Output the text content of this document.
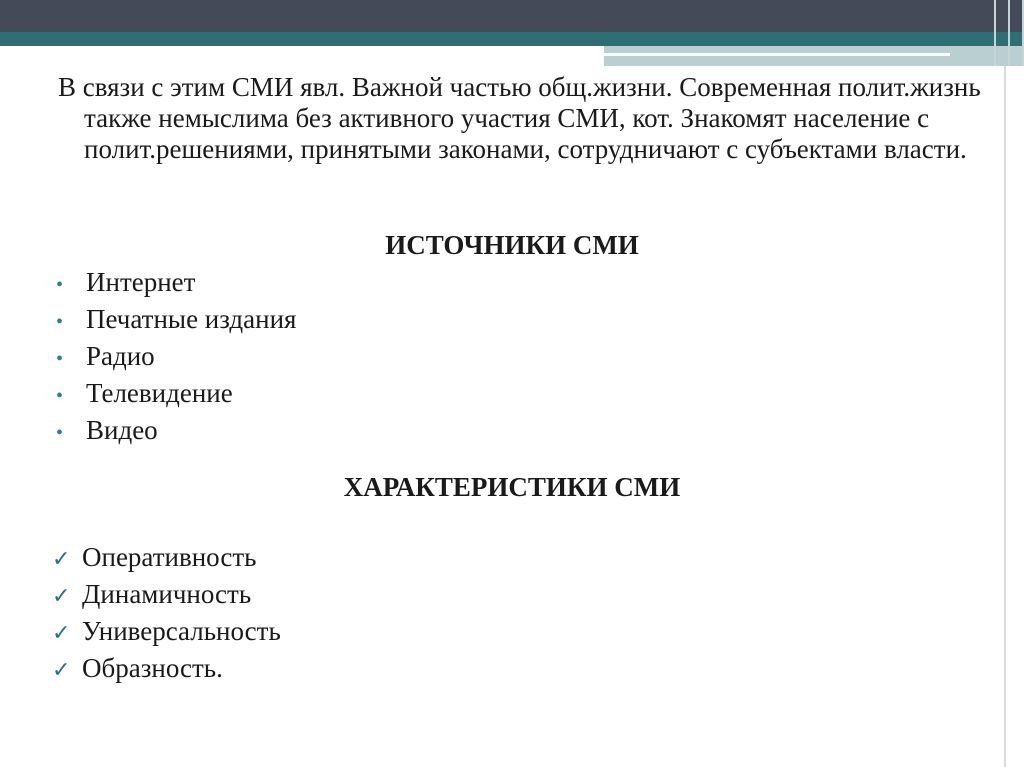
В связи с этим СМИ явл. Важной частью общ.жизни. Современная полит.жизнь также немыслима без активного участия СМИ, кот. Знакомят население с полит.решениями, принятыми законами, сотрудничают с субъектами власти.

ИСТОЧНИКИ СМИ
• Интернет
• Печатные издания
• Радио
• Телевидение
• Видео
ХАРАКТЕРИСТИКИ СМИ
✓ Оперативность
✓ Динамичность
✓ Универсальность
✓ Образность.
